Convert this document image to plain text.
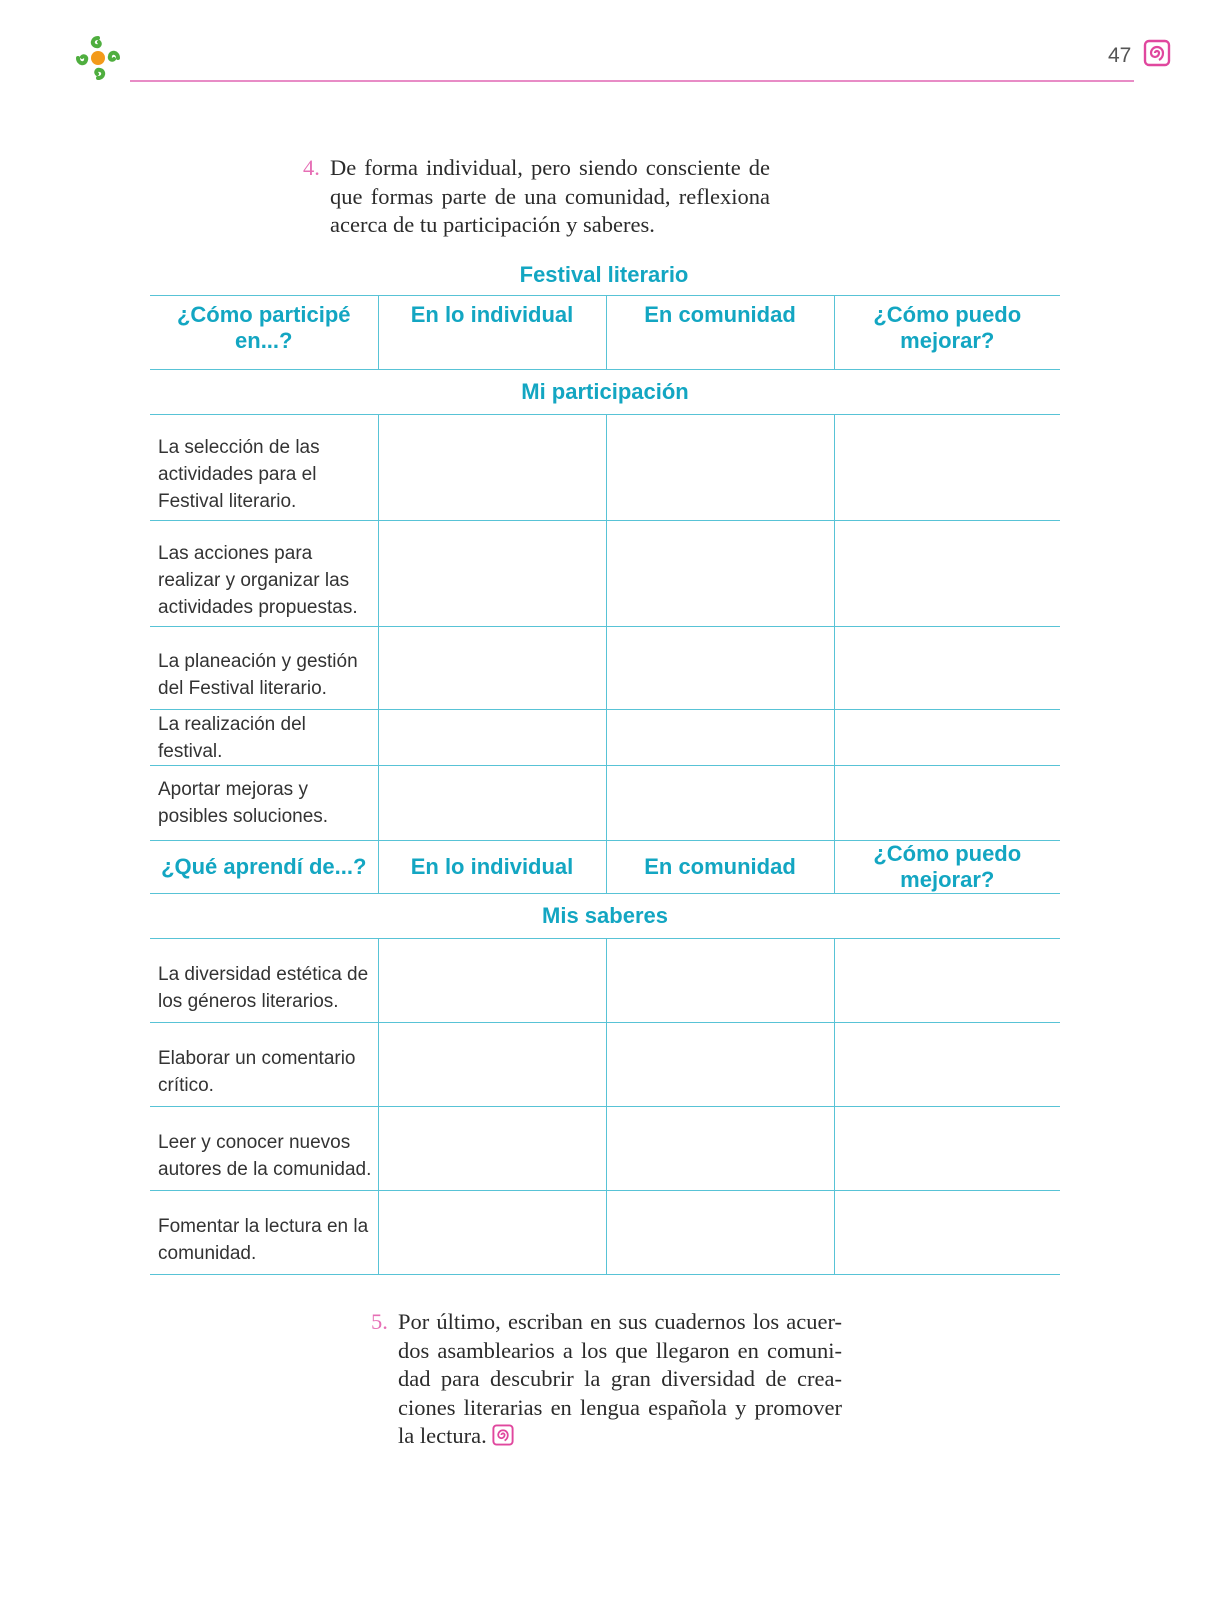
47
4. De forma individual, pero siendo consciente de
que formas parte de una comunidad, reflexiona
acerca de tu participación y saberes.
Festival literario
¿Cómo participé en...?	En lo individual	En comunidad	¿Cómo puedo mejorar?
Mi participación			
La selección de las actividades para el Festival literario.			
Las acciones para realizar y organizar las actividades propuestas.			
La planeación y gestión del Festival literario.			
La realización del festival.			
Aportar mejoras y posibles soluciones.			
¿Qué aprendí de...?	En lo individual	En comunidad	¿Cómo puedo mejorar?
Mis saberes			
La diversidad estética de los géneros literarios.			
Elaborar un comentario crítico.			
Leer y conocer nuevos autores de la comunidad.			
Fomentar la lectura en la comunidad.			
5. Por último, escriban en sus cuadernos los acuer-
dos asamblearios a los que llegaron en comuni-
dad para descubrir la gran diversidad de crea-
ciones literarias en lengua española y promover
la lectura.
